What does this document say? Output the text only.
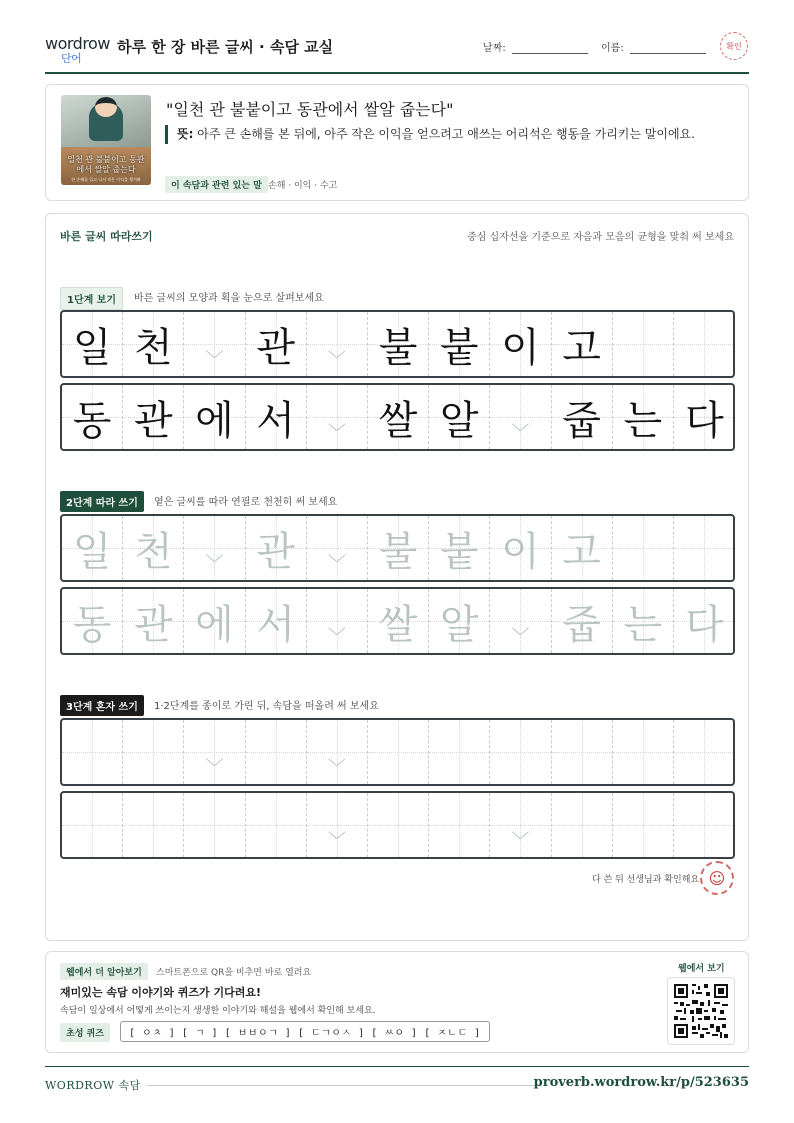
wordrow
단어
하루 한 장 바른 글씨 · 속담 교실	날짜:	이름:	확인
일천 관 불붙이고 동관에서 쌀알 줍는다
한 손해를 입고 나서 작은 이익을 챙겨봐
"일천 관 불붙이고 동관에서 쌀알 줍는다"
뜻: 아주 큰 손해를 본 뒤에, 아주 작은 이익을 얻으려고 애쓰는 어리석은 행동을 가리키는 말이에요.
이 속담과 관련 있는 말 손해 · 이익 · 수고
바른 글씨 따라쓰기	중심 십자선을 기준으로 자음과 모음의 균형을 맞춰 써 보세요
1단계 보기	바른 글씨의 모양과 획을 눈으로 살펴보세요
일 천	﹀ 관	﹀ 불 붙 이 고
동 관 에 서	﹀ 쌀 알	﹀ 줍 는 다
2단계 따라 쓰기	옅은 글씨를 따라 연필로 천천히 써 보세요
일 천	﹀ 관	﹀ 불 붙 이 고
동 관 에 서	﹀ 쌀 알	﹀ 줍 는 다
3단계 혼자 쓰기	1·2단계를 종이로 가린 뒤, 속담을 떠올려 써 보세요
﹀	﹀
﹀	﹀
다 쓴 뒤 선생님과 확인해요 ☺
웹에서 더 알아보기	스마트폰으로 QR을 비추면 바로 열려요
재미있는 속담 이야기와 퀴즈가 기다려요!
속담이 일상에서 어떻게 쓰이는지 생생한 이야기와 해설을 웹에서 확인해 보세요.
초성 퀴즈	[ ㅇㅊ ] [ ㄱ ] [ ㅂㅂㅇㄱ ] [ ㄷㄱㅇㅅ ] [ ㅆㅇ ] [ ㅈㄴㄷ ]
웹에서 보기
WORDROW 속담	proverb.wordrow.kr/p/523635
